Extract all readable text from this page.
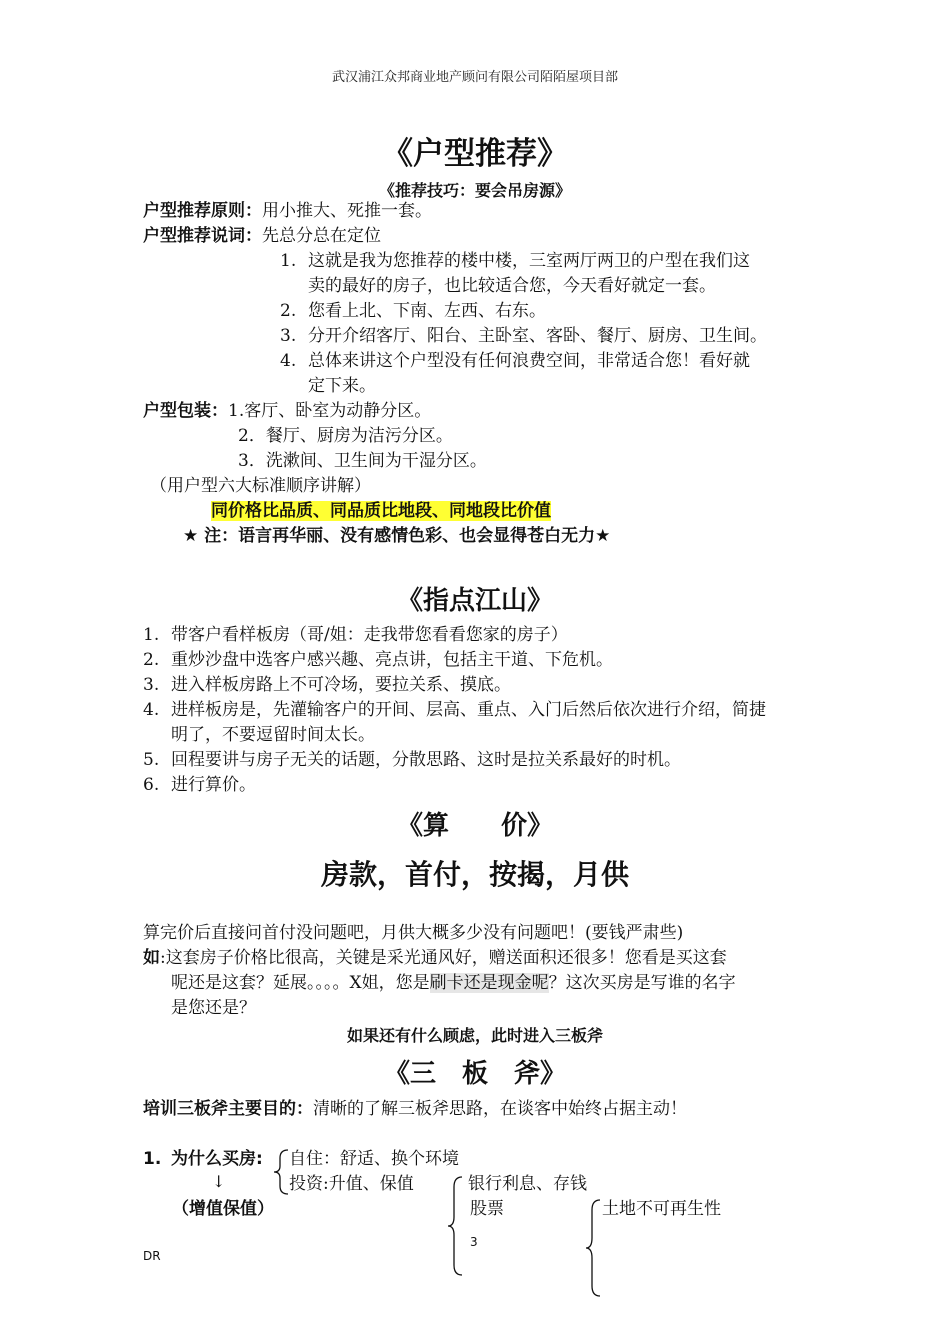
武汉浦江众邦商业地产顾问有限公司陌陌屋项目部
《户型推荐》
《推荐技巧：要会吊房源》
户型推荐原则：用小推大、死推一套。
户型推荐说词：先总分总在定位
1. 这就是我为您推荐的楼中楼，三室两厅两卫的户型在我们这
卖的最好的房子，也比较适合您，今天看好就定一套。
2. 您看上北、下南、左西、右东。
3. 分开介绍客厅、阳台、主卧室、客卧、餐厅、厨房、卫生间。
4. 总体来讲这个户型没有任何浪费空间，非常适合您！看好就
定下来。
户型包装：1.客厅、卧室为动静分区。
2．餐厅、厨房为洁污分区。
3．洗漱间、卫生间为干湿分区。
（用户型六大标准顺序讲解）
同价格比品质、同品质比地段、同地段比价值
★ 注：语言再华丽、没有感情色彩、也会显得苍白无力★
《指点江山》
1. 带客户看样板房（哥/姐：走我带您看看您家的房子）
2. 重炒沙盘中选客户感兴趣、亮点讲，包括主干道、下危机。
3. 进入样板房路上不可冷场，要拉关系、摸底。
4. 进样板房是，先灌输客户的开间、层高、重点、入门后然后依次进行介绍，简捷
明了，不要逗留时间太长。
5. 回程要讲与房子无关的话题，分散思路、这时是拉关系最好的时机。
6. 进行算价。
《算　　价》
房款，首付，按揭，月供
算完价后直接问首付没问题吧，月供大概多少没有问题吧！(要钱严肃些)
如:这套房子价格比很高，关键是采光通风好，赠送面积还很多！您看是买这套
呢还是这套？延展。。。。X姐，您是刷卡还是现金呢？这次买房是写谁的名字
是您还是？
如果还有什么顾虑，此时进入三板斧
《三　板　斧》
培训三板斧主要目的：清晰的了解三板斧思路，在谈客中始终占据主动！
1. 为什么买房:
↓
（增值保值）
自住：舒适、换个环境
投资:升值、保值	银行利息、存钱
股票	土地不可再生性
3
DR
